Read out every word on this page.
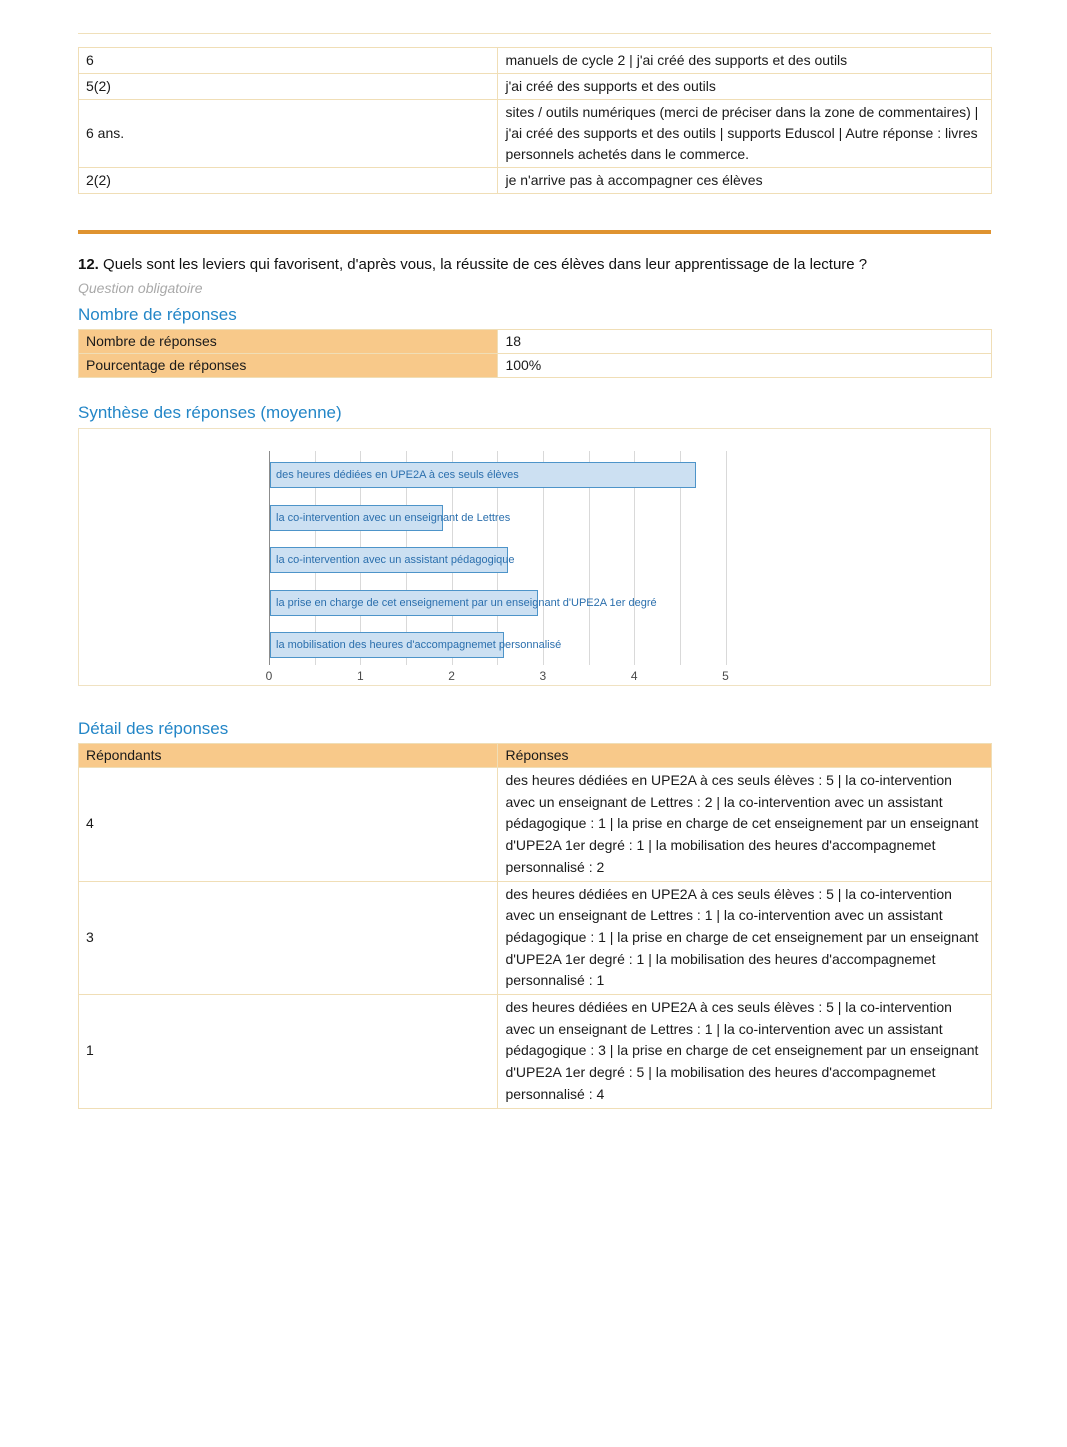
6	manuels de cycle 2 | j'ai créé des supports et des outils
5(2)	j'ai créé des supports et des outils
6 ans.	sites / outils numériques (merci de préciser dans la zone de commentaires) | j'ai créé des supports et des outils | supports Eduscol | Autre réponse : livres personnels achetés dans le commerce.
2(2)	je n'arrive pas à accompagner ces élèves
12. Quels sont les leviers qui favorisent, d'après vous, la réussite de ces élèves dans leur apprentissage de la lecture ?
Question obligatoire
Nombre de réponses
Nombre de réponses	18
Pourcentage de réponses	100%
Synthèse des réponses (moyenne)
des heures dédiées en UPE2A à ces seuls élèves
la co-intervention avec un enseignant de Lettres
la co-intervention avec un assistant pédagogique
la prise en charge de cet enseignement par un enseignant d'UPE2A 1er degré
la mobilisation des heures d'accompagnemet personnalisé
0	1	2	3	4	5
Détail des réponses
Répondants	Réponses
4	des heures dédiées en UPE2A à ces seuls élèves : 5 | la co-intervention avec un enseignant de Lettres : 2 | la co-intervention avec un assistant pédagogique : 1 | la prise en charge de cet enseignement par un enseignant d'UPE2A 1er degré : 1 | la mobilisation des heures d'accompagnemet personnalisé : 2
3	des heures dédiées en UPE2A à ces seuls élèves : 5 | la co-intervention avec un enseignant de Lettres : 1 | la co-intervention avec un assistant pédagogique : 1 | la prise en charge de cet enseignement par un enseignant d'UPE2A 1er degré : 1 | la mobilisation des heures d'accompagnemet personnalisé : 1
1	des heures dédiées en UPE2A à ces seuls élèves : 5 | la co-intervention avec un enseignant de Lettres : 1 | la co-intervention avec un assistant pédagogique : 3 | la prise en charge de cet enseignement par un enseignant d'UPE2A 1er degré : 5 | la mobilisation des heures d'accompagnemet personnalisé : 4
